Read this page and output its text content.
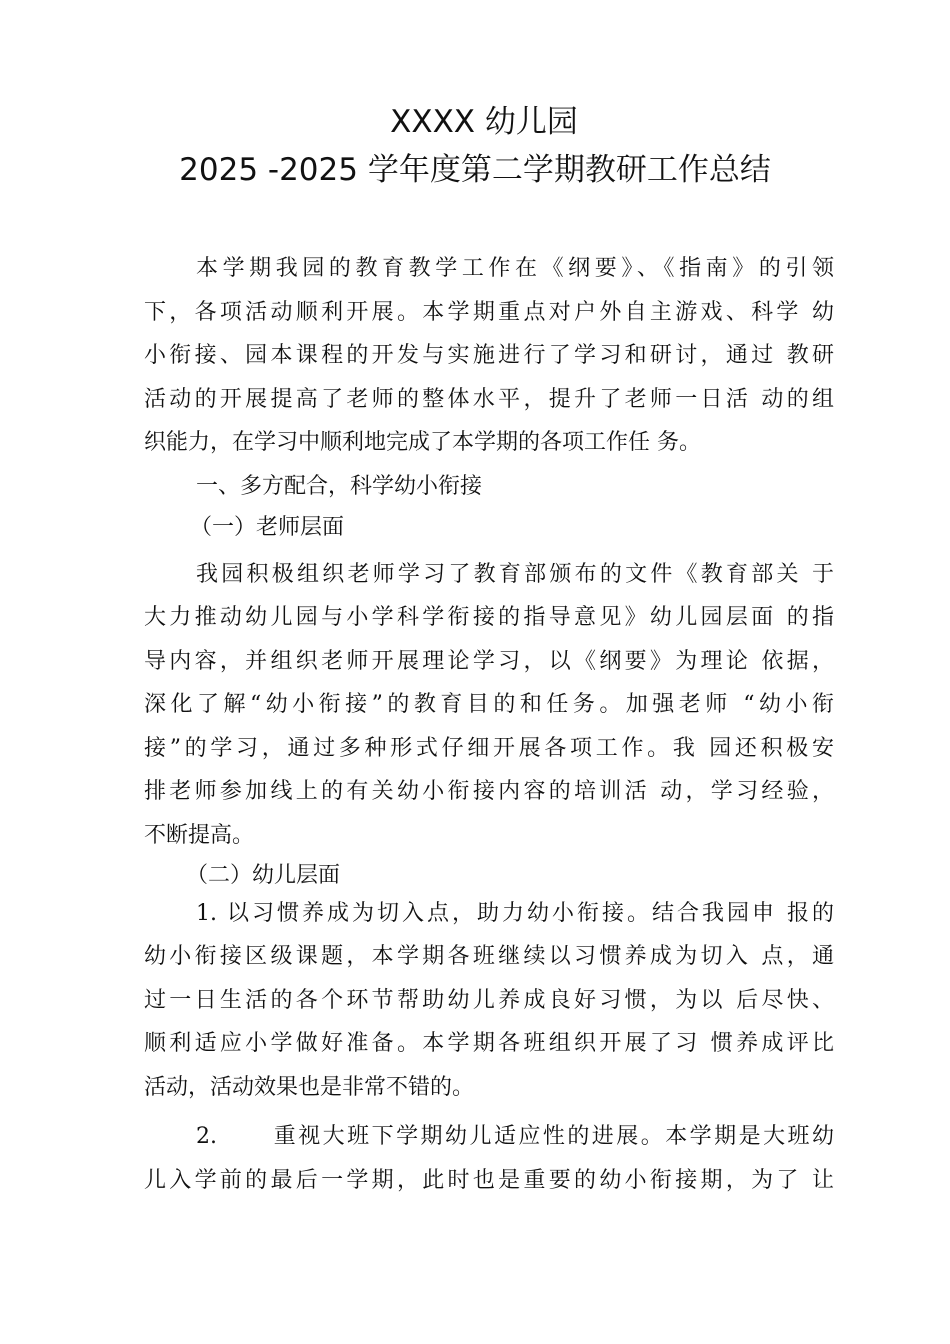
XXXX 幼儿园
2025 -2025 学年度第二学期教研工作总结
本学期我园的教育教学工作在《纲要》、《指南》的引领
下，各项活动顺利开展。本学期重点对户外自主游戏、科学 幼
小衔接、园本课程的开发与实施进行了学习和研讨，通过 教研
活动的开展提高了老师的整体水平，提升了老师一日活 动的组
织能力，在学习中顺利地完成了本学期的各项工作任 务。
一、多方配合，科学幼小衔接
（一）老师层面
我园积极组织老师学习了教育部颁布的文件《教育部关 于
大力推动幼儿园与小学科学衔接的指导意见》幼儿园层面 的指
导内容，并组织老师开展理论学习，以《纲要》为理论 依据，
深化了解“幼小衔接”的教育目的和任务。加强老师 “幼小衔
接”的学习，通过多种形式仔细开展各项工作。我 园还积极安
排老师参加线上的有关幼小衔接内容的培训活 动，学习经验，
不断提高。
（二）幼儿层面
1. 以习惯养成为切入点，助力幼小衔接。结合我园申 报的
幼小衔接区级课题，本学期各班继续以习惯养成为切入 点，通
过一日生活的各个环节帮助幼儿养成良好习惯，为以 后尽快、
顺利适应小学做好准备。本学期各班组织开展了习 惯养成评比
活动，活动效果也是非常不错的。
2.      重视大班下学期幼儿适应性的进展。本学期是大班幼
儿入学前的最后一学期，此时也是重要的幼小衔接期，为了 让
